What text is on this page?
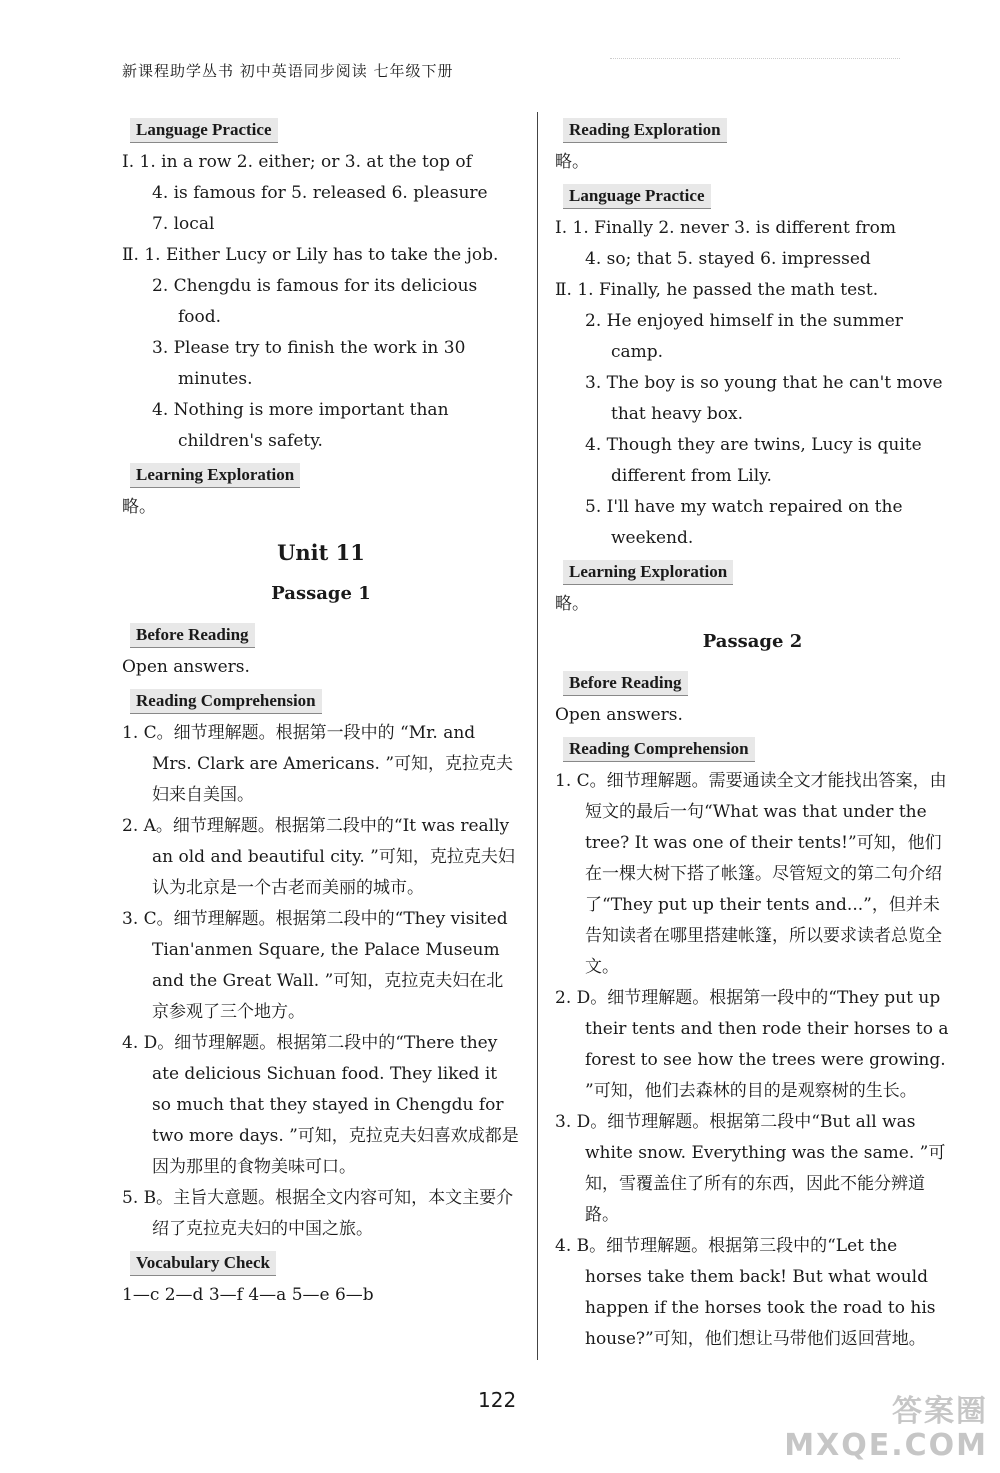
新课程助学丛书 初中英语同步阅读 七年级下册
Language Practice

Ⅰ. 1. in a row 2. either; or 3. at the top of

4. is famous for 5. released 6. pleasure

7. local

Ⅱ. 1. Either Lucy or Lily has to take the job.

2. Chengdu is famous for its delicious food.

3. Please try to finish the work in 30 minutes.

4. Nothing is more important than children's safety.

Learning Exploration

略。

Unit 11

Passage 1

Before Reading

Open answers.

Reading Comprehension

1. C。细节理解题。根据第一段中的 “Mr. and Mrs. Clark are Americans. ”可知，克拉克夫妇来自美国。

2. A。细节理解题。根据第二段中的“It was really an old and beautiful city. ”可知，克拉克夫妇认为北京是一个古老而美丽的城市。

3. C。细节理解题。根据第二段中的“They visited Tian'anmen Square, the Palace Museum and the Great Wall. ”可知，克拉克夫妇在北京参观了三个地方。

4. D。细节理解题。根据第二段中的“There they ate delicious Sichuan food. They liked it so much that they stayed in Chengdu for two more days. ”可知，克拉克夫妇喜欢成都是因为那里的食物美味可口。

5. B。主旨大意题。根据全文内容可知，本文主要介绍了克拉克夫妇的中国之旅。

Vocabulary Check

1—c 2—d 3—f 4—a 5—e 6—b

Reading Exploration

略。

Language Practice

Ⅰ. 1. Finally 2. never 3. is different from

4. so; that 5. stayed 6. impressed

Ⅱ. 1. Finally, he passed the math test.

2. He enjoyed himself in the summer camp.

3. The boy is so young that he can't move that heavy box.

4. Though they are twins, Lucy is quite different from Lily.

5. I'll have my watch repaired on the weekend.

Learning Exploration

略。

Passage 2

Before Reading

Open answers.

Reading Comprehension

1. C。细节理解题。需要通读全文才能找出答案，由短文的最后一句“What was that under the tree? It was one of their tents!”可知，他们在一棵大树下搭了帐篷。尽管短文的第二句介绍了“They put up their tents and...”，但并未告知读者在哪里搭建帐篷，所以要求读者总览全文。

2. D。细节理解题。根据第一段中的“They put up their tents and then rode their horses to a forest to see how the trees were growing. ”可知，他们去森林的目的是观察树的生长。

3. D。细节理解题。根据第二段中“But all was white snow. Everything was the same. ”可知，雪覆盖住了所有的东西，因此不能分辨道路。

4. B。细节理解题。根据第三段中的“Let the horses take them back! But what would happen if the horses took the road to his house?”可知，他们想让马带他们返回营地。

122	答案圈
MXQE.COM
